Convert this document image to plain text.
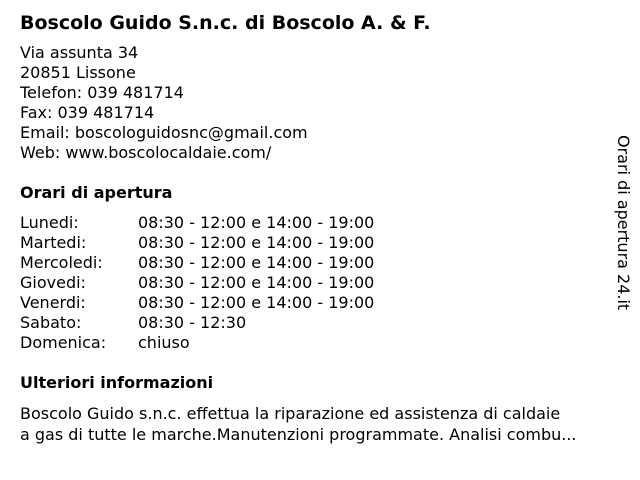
Boscolo Guido S.n.c. di Boscolo A. & F.
Via assunta 34
20851 Lissone
Telefon: 039 481714
Fax: 039 481714
Email: boscologuidosnc@gmail.com
Web: www.boscolocaldaie.com/
Orari di apertura
Lunedi:	08:30 - 12:00 e 14:00 - 19:00
Martedi:	08:30 - 12:00 e 14:00 - 19:00
Mercoledi: 08:30 - 12:00 e 14:00 - 19:00
Giovedi:	08:30 - 12:00 e 14:00 - 19:00
Venerdi:	08:30 - 12:00 e 14:00 - 19:00
Sabato:	08:30 - 12:30
Domenica: chiuso
Ulteriori informazioni
Boscolo Guido s.n.c. effettua la riparazione ed assistenza di caldaie
a gas di tutte le marche.Manutenzioni programmate. Analisi combu...
Orari di apertura 24.it
